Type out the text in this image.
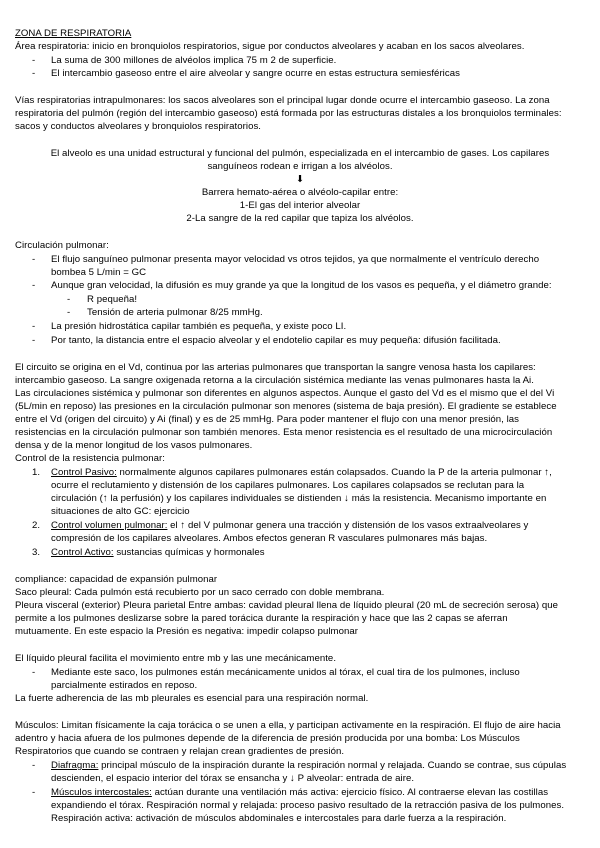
ZONA DE RESPIRATORIA
Área respiratoria: inicio en bronquiolos respiratorios, sigue por conductos alveolares y acaban en los sacos alveolares.
- La suma de 300 millones de alvéolos implica 75 m 2 de superficie.
- El intercambio gaseoso entre el aire alveolar y sangre ocurre en estas estructura semiesféricas
Vías respiratorias intrapulmonares: los sacos alveolares son el principal lugar donde ocurre el intercambio gaseoso. La zona
respiratoria del pulmón (región del intercambio gaseoso) está formada por las estructuras distales a los bronquiolos terminales:
sacos y conductos alveolares y bronquiolos respiratorios.
El alveolo es una unidad estructural y funcional del pulmón, especializada en el intercambio de gases. Los capilares
sanguíneos rodean e irrigan a los alvéolos.
⬇
Barrera hemato-aérea o alvéolo-capilar entre:
1-El gas del interior alveolar
2-La sangre de la red capilar que tapiza los alvéolos.
Circulación pulmonar:
- El flujo sanguíneo pulmonar presenta mayor velocidad vs otros tejidos, ya que normalmente el ventrículo derecho
bombea 5 L/min = GC
- Aunque gran velocidad, la difusión es muy grande ya que la longitud de los vasos es pequeña, y el diámetro grande:
- R pequeña!
- Tensión de arteria pulmonar 8/25 mmHg.
- La presión hidrostática capilar también es pequeña, y existe poco LI.
- Por tanto, la distancia entre el espacio alveolar y el endotelio capilar es muy pequeña: difusión facilitada.
El circuito se origina en el Vd, continua por las arterias pulmonares que transportan la sangre venosa hasta los capilares:
intercambio gaseoso. La sangre oxigenada retorna a la circulación sistémica mediante las venas pulmonares hasta la Ai.
Las circulaciones sistémica y pulmonar son diferentes en algunos aspectos. Aunque el gasto del Vd es el mismo que el del Vi
(5L/min en reposo) las presiones en la circulación pulmonar son menores (sistema de baja presión). El gradiente se establece
entre el Vd (origen del circuito) y Ai (final) y es de 25 mmHg. Para poder mantener el flujo con una menor presión, las
resistencias en la circulación pulmonar son también menores. Esta menor resistencia es el resultado de una microcirculación
densa y de la menor longitud de los vasos pulmonares.
Control de la resistencia pulmonar:
1. Control Pasivo: normalmente algunos capilares pulmonares están colapsados. Cuando la P de la arteria pulmonar ↑,
ocurre el reclutamiento y distensión de los capilares pulmonares. Los capilares colapsados se reclutan para la
circulación (↑ la perfusión) y los capilares individuales se distienden ↓ más la resistencia. Mecanismo importante en
situaciones de alto GC: ejercicio
2. Control volumen pulmonar: el ↑ del V pulmonar genera una tracción y distensión de los vasos extraalveolares y
compresión de los capilares alveolares. Ambos efectos generan R vasculares pulmonares más bajas.
3. Control Activo: sustancias químicas y hormonales
compliance: capacidad de expansión pulmonar
Saco pleural: Cada pulmón está recubierto por un saco cerrado con doble membrana.
Pleura visceral (exterior) Pleura parietal Entre ambas: cavidad pleural llena de líquido pleural (20 mL de secreción serosa) que
permite a los pulmones deslizarse sobre la pared torácica durante la respiración y hace que las 2 capas se aferran
mutuamente. En este espacio la Presión es negativa: impedir colapso pulmonar
El líquido pleural facilita el movimiento entre mb y las une mecánicamente.
- Mediante este saco, los pulmones están mecánicamente unidos al tórax, el cual tira de los pulmones, incluso
parcialmente estirados en reposo.
La fuerte adherencia de las mb pleurales es esencial para una respiración normal.
Músculos: Limitan físicamente la caja torácica o se unen a ella, y participan activamente en la respiración. El flujo de aire hacia
adentro y hacia afuera de los pulmones depende de la diferencia de presión producida por una bomba: Los Músculos
Respiratorios que cuando se contraen y relajan crean gradientes de presión.
- Diafragma: principal músculo de la inspiración durante la respiración normal y relajada. Cuando se contrae, sus cúpulas
descienden, el espacio interior del tórax se ensancha y ↓ P alveolar: entrada de aire.
- Músculos intercostales: actúan durante una ventilación más activa: ejercicio físico. Al contraerse elevan las costillas
expandiendo el tórax. Respiración normal y relajada: proceso pasivo resultado de la retracción pasiva de los pulmones.
Respiración activa: activación de músculos abdominales e intercostales para darle fuerza a la respiración.
